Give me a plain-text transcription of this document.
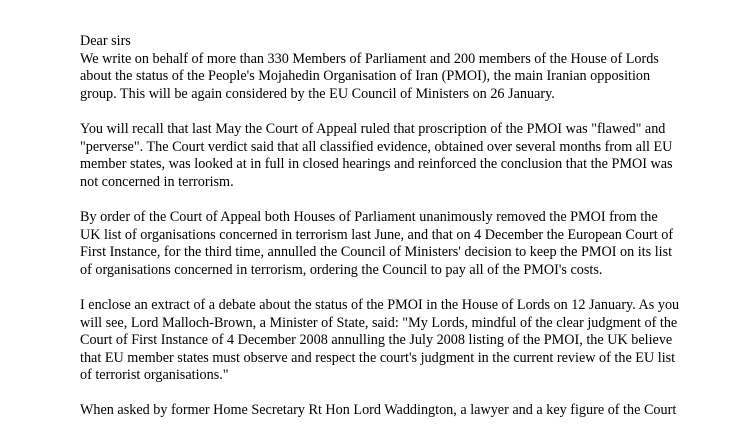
Dear sirs

We write on behalf of more than 330 Members of Parliament and 200 members of the House of Lords about the status of the People's Mojahedin Organisation of Iran (PMOI), the main Iranian opposition group. This will be again considered by the EU Council of Ministers on 26 January.

You will recall that last May the Court of Appeal ruled that proscription of the PMOI was "flawed" and "perverse". The Court verdict said that all classified evidence, obtained over several months from all EU member states, was looked at in full in closed hearings and reinforced the conclusion that the PMOI was not concerned in terrorism.

By order of the Court of Appeal both Houses of Parliament unanimously removed the PMOI from the UK list of organisations concerned in terrorism last June, and that on 4 December the European Court of First Instance, for the third time, annulled the Council of Ministers' decision to keep the PMOI on its list of organisations concerned in terrorism, ordering the Council to pay all of the PMOI's costs.

I enclose an extract of a debate about the status of the PMOI in the House of Lords on 12 January. As you will see, Lord Malloch-Brown, a Minister of State, said: "My Lords, mindful of the clear judgment of the Court of First Instance of 4 December 2008 annulling the July 2008 listing of the PMOI, the UK believe that EU member states must observe and respect the court's judgment in the current review of the EU list of terrorist organisations."

When asked by former Home Secretary Rt Hon Lord Waddington, a lawyer and a key figure of the Court
